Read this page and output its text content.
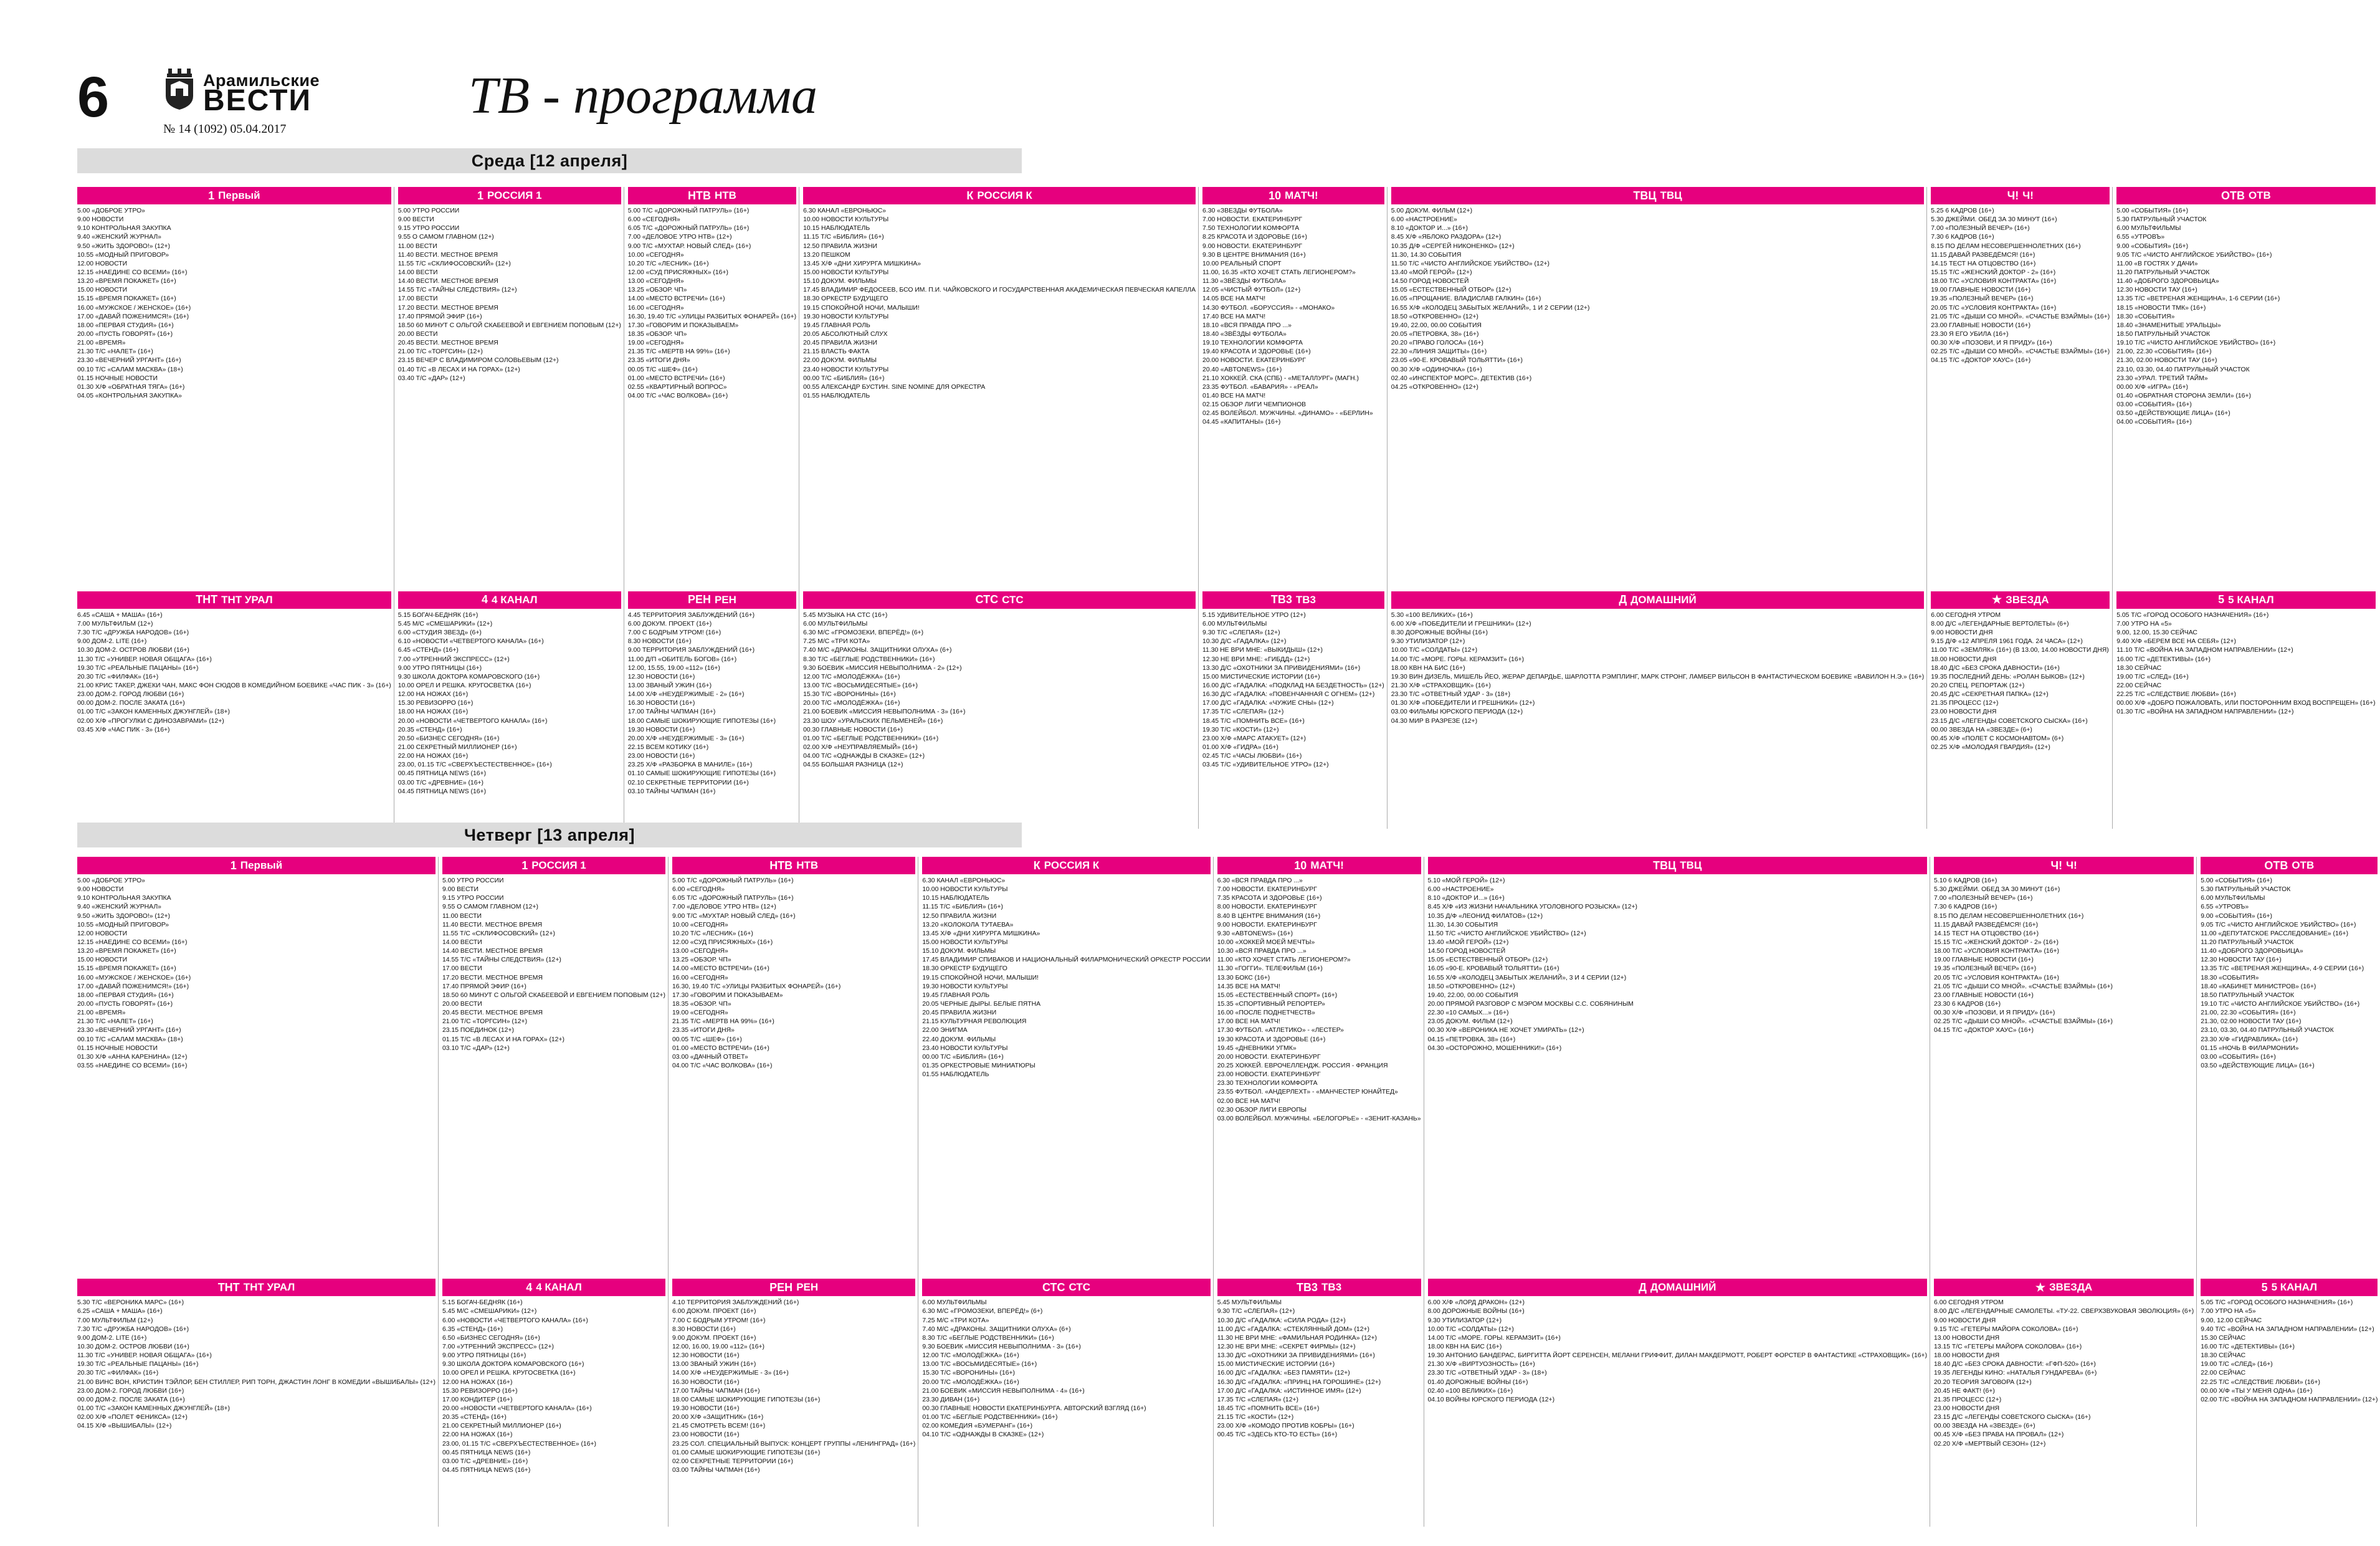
6	Арамильские
ВЕСТИ
№ 14 (1092) 05.04.2017
ТВ - программа
Среда [12 апреля]
1 Первый
5.00 «ДОБРОЕ УТРО»
9.00 НОВОСТИ
9.10 КОНТРОЛЬНАЯ ЗАКУПКА
9.40 «ЖЕНСКИЙ ЖУРНАЛ»
9.50 «ЖИТЬ ЗДОРОВО!» (12+)
10.55 «МОДНЫЙ ПРИГОВОР»
12.00 НОВОСТИ
12.15 «НАЕДИНЕ СО ВСЕМИ» (16+)
13.20 «ВРЕМЯ ПОКАЖЕТ» (16+)
15.00 НОВОСТИ
15.15 «ВРЕМЯ ПОКАЖЕТ» (16+)
16.00 «МУЖСКОЕ / ЖЕНСКОЕ» (16+)
17.00 «ДАВАЙ ПОЖЕНИМСЯ!» (16+)
18.00 «ПЕРВАЯ СТУДИЯ» (16+)
20.00 «ПУСТЬ ГОВОРЯТ» (16+)
21.00 «ВРЕМЯ»
21.30 Т/С «НАЛЕТ» (16+)
23.30 «ВЕЧЕРНИЙ УРГАНТ» (16+)
00.10 Т/С «САЛАМ МАСКВА» (18+)
01.15 НОЧНЫЕ НОВОСТИ
01.30 Х/Ф «ОБРАТНАЯ ТЯГА» (16+)
04.05 «КОНТРОЛЬНАЯ ЗАКУПКА»
ТНТ ТНТ УРАЛ
6.45 «САША + МАША» (16+)
7.00 МУЛЬТФИЛЬМ (12+)
7.30 Т/С «ДРУЖБА НАРОДОВ» (16+)
9.00 ДОМ-2. LITE (16+)
10.30 ДОМ-2. ОСТРОВ ЛЮБВИ (16+)
11.30 Т/С «УНИВЕР. НОВАЯ ОБЩАГА» (16+)
19.30 Т/С «РЕАЛЬНЫЕ ПАЦАНЫ» (16+)
20.30 Т/С «ФИЛФАК» (16+)
21.00 КРИС ТАКЕР, ДЖЕКИ ЧАН, МАКС ФОН СЮДОВ В КОМЕДИЙНОМ БОЕВИКЕ «ЧАС ПИК - 3» (16+)
23.00 ДОМ-2. ГОРОД ЛЮБВИ (16+)
00.00 ДОМ-2. ПОСЛЕ ЗАКАТА (16+)
01.00 Т/С «ЗАКОН КАМЕННЫХ ДЖУНГЛЕЙ» (18+)
02.00 Х/Ф «ПРОГУЛКИ С ДИНОЗАВРАМИ» (12+)
03.45 Х/Ф «ЧАС ПИК - 3» (16+)
1 РОССИЯ 1
5.00 УТРО РОССИИ
9.00 ВЕСТИ
9.15 УТРО РОССИИ
9.55 О САМОМ ГЛАВНОМ (12+)
11.00 ВЕСТИ
11.40 ВЕСТИ. МЕСТНОЕ ВРЕМЯ
11.55 Т/С «СКЛИФОСОВСКИЙ» (12+)
14.00 ВЕСТИ
14.40 ВЕСТИ. МЕСТНОЕ ВРЕМЯ
14.55 Т/С «ТАЙНЫ СЛЕДСТВИЯ» (12+)
17.00 ВЕСТИ
17.20 ВЕСТИ. МЕСТНОЕ ВРЕМЯ
17.40 ПРЯМОЙ ЭФИР (16+)
18.50 60 МИНУТ С ОЛЬГОЙ СКАБЕЕВОЙ И ЕВГЕНИЕМ ПОПОВЫМ (12+)
20.00 ВЕСТИ
20.45 ВЕСТИ. МЕСТНОЕ ВРЕМЯ
21.00 Т/С «ТОРГСИН» (12+)
23.15 ВЕЧЕР С ВЛАДИМИРОМ СОЛОВЬЕВЫМ (12+)
01.40 Т/С «В ЛЕСАХ И НА ГОРАХ» (12+)
03.40 Т/С «ДАР» (12+)
4 4 КАНАЛ
5.15 БОГАЧ-БЕДНЯК (16+)
5.45 М/С «СМЕШАРИКИ» (12+)
6.00 «СТУДИЯ ЗВЕЗД» (6+)
6.10 «НОВОСТИ «ЧЕТВЕРТОГО КАНАЛА» (16+)
6.45 «СТЕНД» (16+)
7.00 «УТРЕННИЙ ЭКСПРЕСС» (12+)
9.00 УТРО ПЯТНИЦЫ (16+)
9.30 ШКОЛА ДОКТОРА КОМАРОВСКОГО (16+)
10.00 ОРЕЛ И РЕШКА. КРУГОСВЕТКА (16+)
12.00 НА НОЖАХ (16+)
15.30 РЕВИЗОРРО (16+)
18.00 НА НОЖАХ (16+)
20.00 «НОВОСТИ «ЧЕТВЕРТОГО КАНАЛА» (16+)
20.35 «СТЕНД» (16+)
20.50 «БИЗНЕС СЕГОДНЯ» (16+)
21.00 СЕКРЕТНЫЙ МИЛЛИОНЕР (16+)
22.00 НА НОЖАХ (16+)
23.00, 01.15 Т/С «СВЕРХЪЕСТЕСТВЕННОЕ» (16+)
00.45 ПЯТНИЦА NEWS (16+)
03.00 Т/С «ДРЕВНИЕ» (16+)
04.45 ПЯТНИЦА NEWS (16+)
НТВ НТВ
5.00 Т/С «ДОРОЖНЫЙ ПАТРУЛЬ» (16+)
6.00 «СЕГОДНЯ»
6.05 Т/С «ДОРОЖНЫЙ ПАТРУЛЬ» (16+)
7.00 «ДЕЛОВОЕ УТРО НТВ» (12+)
9.00 Т/С «МУХТАР. НОВЫЙ СЛЕД» (16+)
10.00 «СЕГОДНЯ»
10.20 Т/С «ЛЕСНИК» (16+)
12.00 «СУД ПРИСЯЖНЫХ» (16+)
13.00 «СЕГОДНЯ»
13.25 «ОБЗОР. ЧП»
14.00 «МЕСТО ВСТРЕЧИ» (16+)
16.00 «СЕГОДНЯ»
16.30, 19.40 Т/С «УЛИЦЫ РАЗБИТЫХ ФОНАРЕЙ» (16+)
17.30 «ГОВОРИМ И ПОКАЗЫВАЕМ»
18.35 «ОБЗОР. ЧП»
19.00 «СЕГОДНЯ»
21.35 Т/С «МЕРТВ НА 99%» (16+)
23.35 «ИТОГИ ДНЯ»
00.05 Т/С «ШЕФ» (16+)
01.00 «МЕСТО ВСТРЕЧИ» (16+)
02.55 «КВАРТИРНЫЙ ВОПРОС»
04.00 Т/С «ЧАС ВОЛКОВА» (16+)
РЕН РЕН
4.45 ТЕРРИТОРИЯ ЗАБЛУЖДЕНИЙ (16+)
6.00 ДОКУМ. ПРОЕКТ (16+)
7.00 С БОДРЫМ УТРОМ! (16+)
8.30 НОВОСТИ (16+)
9.00 ТЕРРИТОРИЯ ЗАБЛУЖДЕНИЙ (16+)
11.00 Д/П «ОБИТЕЛЬ БОГОВ» (16+)
12.00, 15.55, 19.00 «112» (16+)
12.30 НОВОСТИ (16+)
13.00 ЗВАНЫЙ УЖИН (16+)
14.00 Х/Ф «НЕУДЕРЖИМЫЕ - 2» (16+)
16.30 НОВОСТИ (16+)
17.00 ТАЙНЫ ЧАПМАН (16+)
18.00 САМЫЕ ШОКИРУЮЩИЕ ГИПОТЕЗЫ (16+)
19.30 НОВОСТИ (16+)
20.00 Х/Ф «НЕУДЕРЖИМЫЕ - 3» (16+)
22.15 ВСЕМ КОТИКУ (16+)
23.00 НОВОСТИ (16+)
23.25 Х/Ф «РАЗБОРКА В МАНИЛЕ» (16+)
01.10 САМЫЕ ШОКИРУЮЩИЕ ГИПОТЕЗЫ (16+)
02.10 СЕКРЕТНЫЕ ТЕРРИТОРИИ (16+)
03.10 ТАЙНЫ ЧАПМАН (16+)
К РОССИЯ К
6.30 КАНАЛ «ЕВРОНЬЮС»
10.00 НОВОСТИ КУЛЬТУРЫ
10.15 НАБЛЮДАТЕЛЬ
11.15 Т/С «БИБЛИЯ» (16+)
12.50 ПРАВИЛА ЖИЗНИ
13.20 ПЕШКОМ
13.45 Х/Ф «ДНИ ХИРУРГА МИШКИНА»
15.00 НОВОСТИ КУЛЬТУРЫ
15.10 ДОКУМ. ФИЛЬМЫ
17.45 ВЛАДИМИР ФЕДОСЕЕВ, БСО ИМ. П.И. ЧАЙКОВСКОГО И ГОСУДАРСТВЕННАЯ АКАДЕМИЧЕСКАЯ ПЕВЧЕСКАЯ КАПЕЛЛА
18.30 ОРКЕСТР БУДУЩЕГО
19.15 СПОКОЙНОЙ НОЧИ, МАЛЫШИ!
19.30 НОВОСТИ КУЛЬТУРЫ
19.45 ГЛАВНАЯ РОЛЬ
20.05 АБСОЛЮТНЫЙ СЛУХ
20.45 ПРАВИЛА ЖИЗНИ
21.15 ВЛАСТЬ ФАКТА
22.00 ДОКУМ. ФИЛЬМЫ
23.40 НОВОСТИ КУЛЬТУРЫ
00.00 Т/С «БИБЛИЯ» (16+)
00.55 АЛЕКСАНДР БУСТИН. SINE NOMINE ДЛЯ ОРКЕСТРА
01.55 НАБЛЮДАТЕЛЬ
СТС СТС
5.45 МУЗЫКА НА СТС (16+)
6.00 МУЛЬТФИЛЬМЫ
6.30 М/С «ГРОМОЗЕКИ, ВПЕРЁД!» (6+)
7.25 М/С «ТРИ КОТА»
7.40 М/С «ДРАКОНЫ. ЗАЩИТНИКИ ОЛУХА» (6+)
8.30 Т/С «БЕГЛЫЕ РОДСТВЕННИКИ» (16+)
9.30 БОЕВИК «МИССИЯ НЕВЫПОЛНИМА - 2» (12+)
12.00 Т/С «МОЛОДЁЖКА» (16+)
13.00 Т/С «ВОСЬМИДЕСЯТЫЕ» (16+)
15.30 Т/С «ВОРОНИНЫ» (16+)
20.00 Т/С «МОЛОДЁЖКА» (16+)
21.00 БОЕВИК «МИССИЯ НЕВЫПОЛНИМА - 3» (16+)
23.30 ШОУ «УРАЛЬСКИХ ПЕЛЬМЕНЕЙ» (16+)
00.30 ГЛАВНЫЕ НОВОСТИ (16+)
01.00 Т/С «БЕГЛЫЕ РОДСТВЕННИКИ» (16+)
02.00 Х/Ф «НЕУПРАВЛЯЕМЫЙ» (16+)
04.00 Т/С «ОДНАЖДЫ В СКАЗКЕ» (12+)
04.55 БОЛЬШАЯ РАЗНИЦА (12+)
10 МАТЧ!
6.30 «ЗВЕЗДЫ ФУТБОЛА»
7.00 НОВОСТИ. ЕКАТЕРИНБУРГ
7.50 ТЕХНОЛОГИИ КОМФОРТА
8.25 КРАСОТА И ЗДОРОВЬЕ (16+)
9.00 НОВОСТИ. ЕКАТЕРИНБУРГ
9.30 В ЦЕНТРЕ ВНИМАНИЯ (16+)
10.00 РЕАЛЬНЫЙ СПОРТ
11.00, 16.35 «КТО ХОЧЕТ СТАТЬ ЛЕГИОНЕРОМ?»
11.30 «ЗВЁЗДЫ ФУТБОЛА»
12.05 «ЧИСТЫЙ ФУТБОЛ» (12+)
14.05 ВСЕ НА МАТЧ!
14.30 ФУТБОЛ. «БОРУССИЯ» - «МОНАКО»
17.40 ВСЕ НА МАТЧ!
18.10 «ВСЯ ПРАВДА ПРО ...»
18.40 «ЗВЁЗДЫ ФУТБОЛА»
19.10 ТЕХНОЛОГИИ КОМФОРТА
19.40 КРАСОТА И ЗДОРОВЬЕ (16+)
20.00 НОВОСТИ. ЕКАТЕРИНБУРГ
20.40 «ABTONEWS» (16+)
21.10 ХОККЕЙ. СКА (СПБ) - «МЕТАЛЛУРГ» (МАГН.)
23.35 ФУТБОЛ. «БАВАРИЯ» - «РЕАЛ»
01.40 ВСЕ НА МАТЧ!
02.15 ОБЗОР ЛИГИ ЧЕМПИОНОВ
02.45 ВОЛЕЙБОЛ. МУЖЧИНЫ. «ДИНАМО» - «БЕРЛИН»
04.45 «КАПИТАНЫ» (16+)
ТВ3 ТВ3
5.15 УДИВИТЕЛЬНОЕ УТРО (12+)
6.00 МУЛЬТФИЛЬМЫ
9.30 Т/С «СЛЕПАЯ» (12+)
10.30 Д/С «ГАДАЛКА» (12+)
11.30 НЕ ВРИ МНЕ: «ВЫКИДЫШ» (12+)
12.30 НЕ ВРИ МНЕ: «ГИБДД» (12+)
13.30 Д/С «ОХОТНИКИ ЗА ПРИВИДЕНИЯМИ» (16+)
15.00 МИСТИЧЕСКИЕ ИСТОРИИ (16+)
16.00 Д/С «ГАДАЛКА: «ПОДКЛАД НА БЕЗДЕТНОСТЬ» (12+)
16.30 Д/С «ГАДАЛКА: «ПОВЕНЧАННАЯ С ОГНЕМ» (12+)
17.00 Д/С «ГАДАЛКА: «ЧУЖИЕ СНЫ» (12+)
17.35 Т/С «СЛЕПАЯ» (12+)
18.45 Т/С «ПОМНИТЬ ВСЕ» (16+)
19.30 Т/С «КОСТИ» (12+)
23.00 Х/Ф «МАРС АТАКУЕТ» (12+)
01.00 Х/Ф «ГИДРА» (16+)
02.45 Т/С «ЧАСЫ ЛЮБВИ» (16+)
03.45 Т/С «УДИВИТЕЛЬНОЕ УТРО» (12+)
ТВЦ ТВЦ
5.00 ДОКУМ. ФИЛЬМ (12+)
6.00 «НАСТРОЕНИЕ»
8.10 «ДОКТОР И...» (16+)
8.45 Х/Ф «ЯБЛОКО РАЗДОРА» (12+)
10.35 Д/Ф «СЕРГЕЙ НИКОНЕНКО» (12+)
11.30, 14.30 СОБЫТИЯ
11.50 Т/С «ЧИСТО АНГЛИЙСКОЕ УБИЙСТВО» (12+)
13.40 «МОЙ ГЕРОЙ» (12+)
14.50 ГОРОД НОВОСТЕЙ
15.05 «ЕСТЕСТВЕННЫЙ ОТБОР» (12+)
16.05 «ПРОЩАНИЕ. ВЛАДИСЛАВ ГАЛКИН» (16+)
16.55 Х/Ф «КОЛОДЕЦ ЗАБЫТЫХ ЖЕЛАНИЙ», 1 И 2 СЕРИИ (12+)
18.50 «ОТКРОВЕННО» (12+)
19.40, 22.00, 00.00 СОБЫТИЯ
20.05 «ПЕТРОВКА, 38» (16+)
20.20 «ПРАВО ГОЛОСА» (16+)
22.30 «ЛИНИЯ ЗАЩИТЫ» (16+)
23.05 «90-Е. КРОВАВЫЙ ТОЛЬЯТТИ» (16+)
00.30 Х/Ф «ОДИНОЧКА» (16+)
02.40 «ИНСПЕКТОР МОРС». ДЕТЕКТИВ (16+)
04.25 «ОТКРОВЕННО» (12+)
Д ДОМАШНИЙ
5.30 «100 ВЕЛИКИХ» (16+)
6.00 Х/Ф «ПОБЕДИТЕЛИ И ГРЕШНИКИ» (12+)
8.30 ДОРОЖНЫЕ ВОЙНЫ (16+)
9.30 УТИЛИЗАТОР (12+)
10.00 Т/С «СОЛДАТЫ» (12+)
14.00 Т/С «МОРЕ. ГОРЫ. КЕРАМЗИТ» (16+)
18.00 КВН НА БИС (16+)
19.30 ВИН ДИЗЕЛЬ, МИШЕЛЬ ЙЕО, ЖЕРАР ДЕПАРДЬЕ, ШАРЛОТТА РЭМПЛИНГ, МАРК СТРОНГ, ЛАМБЕР ВИЛЬСОН В ФАНТАСТИЧЕСКОМ БОЕВИКЕ «ВАВИЛОН Н.Э.» (16+)
21.30 Х/Ф «СТРАХОВЩИК» (16+)
23.30 Т/С «ОТВЕТНЫЙ УДАР - 3» (18+)
01.30 Х/Ф «ПОБЕДИТЕЛИ И ГРЕШНИКИ» (12+)
03.00 ФИЛЬМЫ ЮРСКОГО ПЕРИОДА (12+)
04.30 МИР В РАЗРЕЗЕ (12+)
Ч! Ч!
5.25 6 КАДРОВ (16+)
5.30 ДЖЕЙМИ. ОБЕД ЗА 30 МИНУТ (16+)
7.00 «ПОЛЕЗНЫЙ ВЕЧЕР» (16+)
7.30 6 КАДРОВ (16+)
8.15 ПО ДЕЛАМ НЕСОВЕРШЕННОЛЕТНИХ (16+)
11.15 ДАВАЙ РАЗВЕДЁМСЯ! (16+)
14.15 ТЕСТ НА ОТЦОВСТВО (16+)
15.15 Т/С «ЖЕНСКИЙ ДОКТОР - 2» (16+)
18.00 Т/С «УСЛОВИЯ КОНТРАКТА» (16+)
19.00 ГЛАВНЫЕ НОВОСТИ (16+)
19.35 «ПОЛЕЗНЫЙ ВЕЧЕР» (16+)
20.05 Т/С «УСЛОВИЯ КОНТРАКТА» (16+)
21.05 Т/С «ДЫШИ СО МНОЙ». «СЧАСТЬЕ ВЗАЙМЫ» (16+)
23.00 ГЛАВНЫЕ НОВОСТИ (16+)
23.30 Я ЕГО УБИЛА (16+)
00.30 Х/Ф «ПОЗОВИ, И Я ПРИДУ» (16+)
02.25 Т/С «ДЫШИ СО МНОЙ». «СЧАСТЬЕ ВЗАЙМЫ» (16+)
04.15 Т/С «ДОКТОР ХАУС» (16+)
★ ЗВЕЗДА
6.00 СЕГОДНЯ УТРОМ
8.00 Д/С «ЛЕГЕНДАРНЫЕ ВЕРТОЛЕТЫ» (6+)
9.00 НОВОСТИ ДНЯ
9.15 Д/Ф «12 АПРЕЛЯ 1961 ГОДА. 24 ЧАСА» (12+)
11.00 Т/С «ЗЕМЛЯК» (16+) (В 13.00, 14.00 НОВОСТИ ДНЯ)
18.00 НОВОСТИ ДНЯ
18.40 Д/С «БЕЗ СРОКА ДАВНОСТИ» (16+)
19.35 ПОСЛЕДНИЙ ДЕНЬ: «РОЛАН БЫКОВ» (12+)
20.20 СПЕЦ. РЕПОРТАЖ (12+)
20.45 Д/С «СЕКРЕТНАЯ ПАПКА» (12+)
21.35 ПРОЦЕСС (12+)
23.00 НОВОСТИ ДНЯ
23.15 Д/С «ЛЕГЕНДЫ СОВЕТСКОГО СЫСКА» (16+)
00.00 ЗВЕЗДА НА «ЗВЕЗДЕ» (6+)
00.45 Х/Ф «ПОЛЕТ С КОСМОНАВТОМ» (6+)
02.25 Х/Ф «МОЛОДАЯ ГВАРДИЯ» (12+)
ОТВ ОТВ
5.00 «СОБЫТИЯ» (16+)
5.30 ПАТРУЛЬНЫЙ УЧАСТОК
6.00 МУЛЬТФИЛЬМЫ
6.55 «УТРОВЪ»
9.00 «СОБЫТИЯ» (16+)
9.05 Т/С «ЧИСТО АНГЛИЙСКОЕ УБИЙСТВО» (16+)
11.00 «В ГОСТЯХ У ДАЧИ»
11.20 ПАТРУЛЬНЫЙ УЧАСТОК
11.40 «ДОБРОГО ЗДОРОВЬИЦА»
12.30 НОВОСТИ ТАУ (16+)
13.35 Т/С «ВЕТРЕНАЯ ЖЕНЩИНА», 1-6 СЕРИИ (16+)
18.15 «НОВОСТИ ТМК» (16+)
18.30 «СОБЫТИЯ»
18.40 «ЗНАМЕНИТЫЕ УРАЛЬЦЫ»
18.50 ПАТРУЛЬНЫЙ УЧАСТОК
19.10 Т/С «ЧИСТО АНГЛИЙСКОЕ УБИЙСТВО» (16+)
21.00, 22.30 «СОБЫТИЯ» (16+)
21.30, 02.00 НОВОСТИ ТАУ (16+)
23.10, 03.30, 04.40 ПАТРУЛЬНЫЙ УЧАСТОК
23.30 «УРАЛ. ТРЕТИЙ ТАЙМ»
00.00 Х/Ф «ИГРА» (16+)
01.40 «ОБРАТНАЯ СТОРОНА ЗЕМЛИ» (16+)
03.00 «СОБЫТИЯ» (16+)
03.50 «ДЕЙСТВУЮЩИЕ ЛИЦА» (16+)
04.00 «СОБЫТИЯ» (16+)
5 5 КАНАЛ
5.05 Т/С «ГОРОД ОСОБОГО НАЗНАЧЕНИЯ» (16+)
7.00 УТРО НА «5»
9.00, 12.00, 15.30 СЕЙЧАС
9.40 Х/Ф «БЕРЕМ ВСЕ НА СЕБЯ» (12+)
11.10 Т/С «ВОЙНА НА ЗАПАДНОМ НАПРАВЛЕНИИ» (12+)
16.00 Т/С «ДЕТЕКТИВЫ» (16+)
18.30 СЕЙЧАС
19.00 Т/С «СЛЕД» (16+)
22.00 СЕЙЧАС
22.25 Т/С «СЛЕДСТВИЕ ЛЮБВИ» (16+)
00.00 Х/Ф «ДОБРО ПОЖАЛОВАТЬ, ИЛИ ПОСТОРОННИМ ВХОД ВОСПРЕЩЕН» (16+)
01.30 Т/С «ВОЙНА НА ЗАПАДНОМ НАПРАВЛЕНИИ» (12+)
Четверг [13 апреля]
1 Первый
5.00 «ДОБРОЕ УТРО»
9.00 НОВОСТИ
9.10 КОНТРОЛЬНАЯ ЗАКУПКА
9.40 «ЖЕНСКИЙ ЖУРНАЛ»
9.50 «ЖИТЬ ЗДОРОВО!» (12+)
10.55 «МОДНЫЙ ПРИГОВОР»
12.00 НОВОСТИ
12.15 «НАЕДИНЕ СО ВСЕМИ» (16+)
13.20 «ВРЕМЯ ПОКАЖЕТ» (16+)
15.00 НОВОСТИ
15.15 «ВРЕМЯ ПОКАЖЕТ» (16+)
16.00 «МУЖСКОЕ / ЖЕНСКОЕ» (16+)
17.00 «ДАВАЙ ПОЖЕНИМСЯ!» (16+)
18.00 «ПЕРВАЯ СТУДИЯ» (16+)
20.00 «ПУСТЬ ГОВОРЯТ» (16+)
21.00 «ВРЕМЯ»
21.30 Т/С «НАЛЕТ» (16+)
23.30 «ВЕЧЕРНИЙ УРГАНТ» (16+)
00.10 Т/С «САЛАМ МАСКВА» (18+)
01.15 НОЧНЫЕ НОВОСТИ
01.30 Х/Ф «АННА КАРЕНИНА» (12+)
03.55 «НАЕДИНЕ СО ВСЕМИ» (16+)
ТНТ ТНТ УРАЛ
5.30 Т/С «ВЕРОНИКА МАРС» (16+)
6.25 «САША + МАША» (16+)
7.00 МУЛЬТФИЛЬМ (12+)
7.30 Т/С «ДРУЖБА НАРОДОВ» (16+)
9.00 ДОМ-2. LITE (16+)
10.30 ДОМ-2. ОСТРОВ ЛЮБВИ (16+)
11.30 Т/С «УНИВЕР. НОВАЯ ОБЩАГА» (16+)
19.30 Т/С «РЕАЛЬНЫЕ ПАЦАНЫ» (16+)
20.30 Т/С «ФИЛФАК» (16+)
21.00 ВИНС ВОН, КРИСТИН ТЭЙЛОР, БЕН СТИЛЛЕР, РИП ТОРН, ДЖАСТИН ЛОНГ В КОМЕДИИ «ВЫШИБАЛЫ» (12+)
23.00 ДОМ-2. ГОРОД ЛЮБВИ (16+)
00.00 ДОМ-2. ПОСЛЕ ЗАКАТА (16+)
01.00 Т/С «ЗАКОН КАМЕННЫХ ДЖУНГЛЕЙ» (18+)
02.00 Х/Ф «ПОЛЕТ ФЕНИКСА» (12+)
04.15 Х/Ф «ВЫШИБАЛЫ» (12+)
1 РОССИЯ 1
5.00 УТРО РОССИИ
9.00 ВЕСТИ
9.15 УТРО РОССИИ
9.55 О САМОМ ГЛАВНОМ (12+)
11.00 ВЕСТИ
11.40 ВЕСТИ. МЕСТНОЕ ВРЕМЯ
11.55 Т/С «СКЛИФОСОВСКИЙ» (12+)
14.00 ВЕСТИ
14.40 ВЕСТИ. МЕСТНОЕ ВРЕМЯ
14.55 Т/С «ТАЙНЫ СЛЕДСТВИЯ» (12+)
17.00 ВЕСТИ
17.20 ВЕСТИ. МЕСТНОЕ ВРЕМЯ
17.40 ПРЯМОЙ ЭФИР (16+)
18.50 60 МИНУТ С ОЛЬГОЙ СКАБЕЕВОЙ И ЕВГЕНИЕМ ПОПОВЫМ (12+)
20.00 ВЕСТИ
20.45 ВЕСТИ. МЕСТНОЕ ВРЕМЯ
21.00 Т/С «ТОРГСИН» (12+)
23.15 ПОЕДИНОК (12+)
01.15 Т/С «В ЛЕСАХ И НА ГОРАХ» (12+)
03.10 Т/С «ДАР» (12+)
4 4 КАНАЛ
5.15 БОГАЧ-БЕДНЯК (16+)
5.45 М/С «СМЕШАРИКИ» (12+)
6.00 «НОВОСТИ «ЧЕТВЕРТОГО КАНАЛА» (16+)
6.35 «СТЕНД» (16+)
6.50 «БИЗНЕС СЕГОДНЯ» (16+)
7.00 «УТРЕННИЙ ЭКСПРЕСС» (12+)
9.00 УТРО ПЯТНИЦЫ (16+)
9.30 ШКОЛА ДОКТОРА КОМАРОВСКОГО (16+)
10.00 ОРЕЛ И РЕШКА. КРУГОСВЕТКА (16+)
12.00 НА НОЖАХ (16+)
15.30 РЕВИЗОРРО (16+)
17.00 КОНДИТЕР (16+)
20.00 «НОВОСТИ «ЧЕТВЕРТОГО КАНАЛА» (16+)
20.35 «СТЕНД» (16+)
21.00 СЕКРЕТНЫЙ МИЛЛИОНЕР (16+)
22.00 НА НОЖАХ (16+)
23.00, 01.15 Т/С «СВЕРХЪЕСТЕСТВЕННОЕ» (16+)
00.45 ПЯТНИЦА NEWS (16+)
03.00 Т/С «ДРЕВНИЕ» (16+)
04.45 ПЯТНИЦА NEWS (16+)
НТВ НТВ
5.00 Т/С «ДОРОЖНЫЙ ПАТРУЛЬ» (16+)
6.00 «СЕГОДНЯ»
6.05 Т/С «ДОРОЖНЫЙ ПАТРУЛЬ» (16+)
7.00 «ДЕЛОВОЕ УТРО НТВ» (12+)
9.00 Т/С «МУХТАР. НОВЫЙ СЛЕД» (16+)
10.00 «СЕГОДНЯ»
10.20 Т/С «ЛЕСНИК» (16+)
12.00 «СУД ПРИСЯЖНЫХ» (16+)
13.00 «СЕГОДНЯ»
13.25 «ОБЗОР. ЧП»
14.00 «МЕСТО ВСТРЕЧИ» (16+)
16.00 «СЕГОДНЯ»
16.30, 19.40 Т/С «УЛИЦЫ РАЗБИТЫХ ФОНАРЕЙ» (16+)
17.30 «ГОВОРИМ И ПОКАЗЫВАЕМ»
18.35 «ОБЗОР. ЧП»
19.00 «СЕГОДНЯ»
21.35 Т/С «МЕРТВ НА 99%» (16+)
23.35 «ИТОГИ ДНЯ»
00.05 Т/С «ШЕФ» (16+)
01.00 «МЕСТО ВСТРЕЧИ» (16+)
03.00 «ДАЧНЫЙ ОТВЕТ»
04.00 Т/С «ЧАС ВОЛКОВА» (16+)
РЕН РЕН
4.10 ТЕРРИТОРИЯ ЗАБЛУЖДЕНИЙ (16+)
6.00 ДОКУМ. ПРОЕКТ (16+)
7.00 С БОДРЫМ УТРОМ! (16+)
8.30 НОВОСТИ (16+)
9.00 ДОКУМ. ПРОЕКТ (16+)
12.00, 16.00, 19.00 «112» (16+)
12.30 НОВОСТИ (16+)
13.00 ЗВАНЫЙ УЖИН (16+)
14.00 Х/Ф «НЕУДЕРЖИМЫЕ - 3» (16+)
16.30 НОВОСТИ (16+)
17.00 ТАЙНЫ ЧАПМАН (16+)
18.00 САМЫЕ ШОКИРУЮЩИЕ ГИПОТЕЗЫ (16+)
19.30 НОВОСТИ (16+)
20.00 Х/Ф «ЗАЩИТНИК» (16+)
21.45 СМОТРЕТЬ ВСЕМ! (16+)
23.00 НОВОСТИ (16+)
23.25 СОЛ. СПЕЦИАЛЬНЫЙ ВЫПУСК: КОНЦЕРТ ГРУППЫ «ЛЕНИНГРАД» (16+)
01.00 САМЫЕ ШОКИРУЮЩИЕ ГИПОТЕЗЫ (16+)
02.00 СЕКРЕТНЫЕ ТЕРРИТОРИИ (16+)
03.00 ТАЙНЫ ЧАПМАН (16+)
К РОССИЯ К
6.30 КАНАЛ «ЕВРОНЬЮС»
10.00 НОВОСТИ КУЛЬТУРЫ
10.15 НАБЛЮДАТЕЛЬ
11.15 Т/С «БИБЛИЯ» (16+)
12.50 ПРАВИЛА ЖИЗНИ
13.20 «КОЛОКОЛА ТУТАЕВА»
13.45 Х/Ф «ДНИ ХИРУРГА МИШКИНА»
15.00 НОВОСТИ КУЛЬТУРЫ
15.10 ДОКУМ. ФИЛЬМЫ
17.45 ВЛАДИМИР СПИВАКОВ И НАЦИОНАЛЬНЫЙ ФИЛАРМОНИЧЕСКИЙ ОРКЕСТР РОССИИ
18.30 ОРКЕСТР БУДУЩЕГО
19.15 СПОКОЙНОЙ НОЧИ, МАЛЫШИ!
19.30 НОВОСТИ КУЛЬТУРЫ
19.45 ГЛАВНАЯ РОЛЬ
20.05 ЧЕРНЫЕ ДЫРЫ. БЕЛЫЕ ПЯТНА
20.45 ПРАВИЛА ЖИЗНИ
21.15 КУЛЬТУРНАЯ РЕВОЛЮЦИЯ
22.00 ЭНИГМА
22.40 ДОКУМ. ФИЛЬМЫ
23.40 НОВОСТИ КУЛЬТУРЫ
00.00 Т/С «БИБЛИЯ» (16+)
01.35 ОРКЕСТРОВЫЕ МИНИАТЮРЫ
01.55 НАБЛЮДАТЕЛЬ
СТС СТС
6.00 МУЛЬТФИЛЬМЫ
6.30 М/С «ГРОМОЗЕКИ, ВПЕРЁД!» (6+)
7.25 М/С «ТРИ КОТА»
7.40 М/С «ДРАКОНЫ. ЗАЩИТНИКИ ОЛУХА» (6+)
8.30 Т/С «БЕГЛЫЕ РОДСТВЕННИКИ» (16+)
9.30 БОЕВИК «МИССИЯ НЕВЫПОЛНИМА - 3» (16+)
12.00 Т/С «МОЛОДЁЖКА» (16+)
13.00 Т/С «ВОСЬМИДЕСЯТЫЕ» (16+)
15.30 Т/С «ВОРОНИНЫ» (16+)
20.00 Т/С «МОЛОДЁЖКА» (16+)
21.00 БОЕВИК «МИССИЯ НЕВЫПОЛНИМА - 4» (16+)
23.30 ДИВАН (16+)
00.30 ГЛАВНЫЕ НОВОСТИ ЕКАТЕРИНБУРГА. АВТОРСКИЙ ВЗГЛЯД (16+)
01.00 Т/С «БЕГЛЫЕ РОДСТВЕННИКИ» (16+)
02.00 КОМЕДИЯ «БУМЕРАНГ» (16+)
04.10 Т/С «ОДНАЖДЫ В СКАЗКЕ» (12+)
10 МАТЧ!
6.30 «ВСЯ ПРАВДА ПРО ...»
7.00 НОВОСТИ. ЕКАТЕРИНБУРГ
7.35 КРАСОТА И ЗДОРОВЬЕ (16+)
8.00 НОВОСТИ. ЕКАТЕРИНБУРГ
8.40 В ЦЕНТРЕ ВНИМАНИЯ (16+)
9.00 НОВОСТИ. ЕКАТЕРИНБУРГ
9.30 «ABTONEWS» (16+)
10.00 «ХОККЕЙ МОЕЙ МЕЧТЫ»
10.30 «ВСЯ ПРАВДА ПРО ...»
11.00 «КТО ХОЧЕТ СТАТЬ ЛЕГИОНЕРОМ?»
11.30 «ГОГГИ». ТЕЛЕФИЛЬМ (16+)
13.30 БОКС (16+)
14.35 ВСЕ НА МАТЧ!
15.05 «ЕСТЕСТВЕННЫЙ СПОРТ» (16+)
15.35 «СПОРТИВНЫЙ РЕПОРТЕР»
16.00 «ПОСЛЕ ПОДНЕТЧЕСТВ»
17.00 ВСЕ НА МАТЧ!
17.30 ФУТБОЛ. «АТЛЕТИКО» - «ЛЕСТЕР»
19.30 КРАСОТА И ЗДОРОВЬЕ (16+)
19.45 «ДНЕВНИКИ УГМК»
20.00 НОВОСТИ. ЕКАТЕРИНБУРГ
20.25 ХОККЕЙ. ЕВРОЧЕЛЛЕНДЖ. РОССИЯ - ФРАНЦИЯ
23.00 НОВОСТИ. ЕКАТЕРИНБУРГ
23.30 ТЕХНОЛОГИИ КОМФОРТА
23.55 ФУТБОЛ. «АНДЕРЛЕХТ» - «МАНЧЕСТЕР ЮНАЙТЕД»
02.00 ВСЕ НА МАТЧ!
02.30 ОБЗОР ЛИГИ ЕВРОПЫ
03.00 ВОЛЕЙБОЛ. МУЖЧИНЫ. «БЕЛОГОРЬЕ» - «ЗЕНИТ-КАЗАНЬ»
ТВ3 ТВ3
5.45 МУЛЬТФИЛЬМЫ
9.30 Т/С «СЛЕПАЯ» (12+)
10.30 Д/С «ГАДАЛКА: «СИЛА РОДА» (12+)
11.00 Д/С «ГАДАЛКА: «СТЕКЛЯННЫЙ ДОМ» (12+)
11.30 НЕ ВРИ МНЕ: «ФАМИЛЬНАЯ РОДИНКА» (12+)
12.30 НЕ ВРИ МНЕ: «СЕКРЕТ ФИРМЫ» (12+)
13.30 Д/С «ОХОТНИКИ ЗА ПРИВИДЕНИЯМИ» (16+)
15.00 МИСТИЧЕСКИЕ ИСТОРИИ (16+)
16.00 Д/С «ГАДАЛКА: «БЕЗ ПАМЯТИ» (12+)
16.30 Д/С «ГАДАЛКА: «ПРИНЦ НА ГОРОШИНЕ» (12+)
17.00 Д/С «ГАДАЛКА: «ИСТИННОЕ ИМЯ» (12+)
17.35 Т/С «СЛЕПАЯ» (12+)
18.45 Т/С «ПОМНИТЬ ВСЕ» (16+)
21.15 Т/С «КОСТИ» (12+)
23.00 Х/Ф «КОМОДО ПРОТИВ КОБРЫ» (16+)
00.45 Т/С «ЗДЕСЬ КТО-ТО ЕСТЬ» (16+)
ТВЦ ТВЦ
5.10 «МОЙ ГЕРОЙ» (12+)
6.00 «НАСТРОЕНИЕ»
8.10 «ДОКТОР И...» (16+)
8.45 Х/Ф «ИЗ ЖИЗНИ НАЧАЛЬНИКА УГОЛОВНОГО РОЗЫСКА» (12+)
10.35 Д/Ф «ЛЕОНИД ФИЛАТОВ» (12+)
11.30, 14.30 СОБЫТИЯ
11.50 Т/С «ЧИСТО АНГЛИЙСКОЕ УБИЙСТВО» (12+)
13.40 «МОЙ ГЕРОЙ» (12+)
14.50 ГОРОД НОВОСТЕЙ
15.05 «ЕСТЕСТВЕННЫЙ ОТБОР» (12+)
16.05 «90-Е. КРОВАВЫЙ ТОЛЬЯТТИ» (16+)
16.55 Х/Ф «КОЛОДЕЦ ЗАБЫТЫХ ЖЕЛАНИЙ», 3 И 4 СЕРИИ (12+)
18.50 «ОТКРОВЕННО» (12+)
19.40, 22.00, 00.00 СОБЫТИЯ
20.00 ПРЯМОЙ РАЗГОВОР С МЭРОМ МОСКВЫ С.С. СОБЯНИНЫМ
22.30 «10 САМЫХ...» (16+)
23.05 ДОКУМ. ФИЛЬМ (12+)
00.30 Х/Ф «ВЕРОНИКА НЕ ХОЧЕТ УМИРАТЬ» (12+)
04.15 «ПЕТРОВКА, 38» (16+)
04.30 «ОСТОРОЖНО, МОШЕННИКИ!» (16+)
Д ДОМАШНИЙ
6.00 Х/Ф «ЛОРД ДРАКОН» (12+)
8.00 ДОРОЖНЫЕ ВОЙНЫ (16+)
9.30 УТИЛИЗАТОР (12+)
10.00 Т/С «СОЛДАТЫ» (12+)
14.00 Т/С «МОРЕ. ГОРЫ. КЕРАМЗИТ» (16+)
18.00 КВН НА БИС (16+)
19.30 АНТОНИО БАНДЕРАС, БИРГИТТА ЙОРТ СЕРЕНСЕН, МЕЛАНИ ГРИФФИТ, ДИЛАН МАКДЕРМОТТ, РОБЕРТ ФОРСТЕР В ФАНТАСТИКЕ «СТРАХОВЩИК» (16+)
21.30 Х/Ф «ВИРТУОЗНОСТЬ» (16+)
23.30 Т/С «ОТВЕТНЫЙ УДАР - 3» (18+)
01.40 ДОРОЖНЫЕ ВОЙНЫ (16+)
02.40 «100 ВЕЛИКИХ» (16+)
04.10 ВОЙНЫ ЮРСКОГО ПЕРИОДА (12+)
Ч! Ч!
5.10 6 КАДРОВ (16+)
5.30 ДЖЕЙМИ. ОБЕД ЗА 30 МИНУТ (16+)
7.00 «ПОЛЕЗНЫЙ ВЕЧЕР» (16+)
7.30 6 КАДРОВ (16+)
8.15 ПО ДЕЛАМ НЕСОВЕРШЕННОЛЕТНИХ (16+)
11.15 ДАВАЙ РАЗВЕДЁМСЯ! (16+)
14.15 ТЕСТ НА ОТЦОВСТВО (16+)
15.15 Т/С «ЖЕНСКИЙ ДОКТОР - 2» (16+)
18.00 Т/С «УСЛОВИЯ КОНТРАКТА» (16+)
19.00 ГЛАВНЫЕ НОВОСТИ (16+)
19.35 «ПОЛЕЗНЫЙ ВЕЧЕР» (16+)
20.05 Т/С «УСЛОВИЯ КОНТРАКТА» (16+)
21.05 Т/С «ДЫШИ СО МНОЙ». «СЧАСТЬЕ ВЗАЙМЫ» (16+)
23.00 ГЛАВНЫЕ НОВОСТИ (16+)
23.30 6 КАДРОВ (16+)
00.30 Х/Ф «ПОЗОВИ, И Я ПРИДУ» (16+)
02.25 Т/С «ДЫШИ СО МНОЙ». «СЧАСТЬЕ ВЗАЙМЫ» (16+)
04.15 Т/С «ДОКТОР ХАУС» (16+)
★ ЗВЕЗДА
6.00 СЕГОДНЯ УТРОМ
8.00 Д/С «ЛЕГЕНДАРНЫЕ САМОЛЕТЫ. «ТУ-22. СВЕРХЗВУКОВАЯ ЭВОЛЮЦИЯ» (6+)
9.00 НОВОСТИ ДНЯ
9.15 Т/С «ГЕТЕРЫ МАЙОРА СОКОЛОВА» (16+)
13.00 НОВОСТИ ДНЯ
13.15 Т/С «ГЕТЕРЫ МАЙОРА СОКОЛОВА» (16+)
18.00 НОВОСТИ ДНЯ
18.40 Д/С «БЕЗ СРОКА ДАВНОСТИ: «ГФП-520» (16+)
19.35 ЛЕГЕНДЫ КИНО: «НАТАЛЬЯ ГУНДАРЕВА» (6+)
20.20 ТЕОРИЯ ЗАГОВОРА (12+)
20.45 НЕ ФАКТ! (6+)
21.35 ПРОЦЕСС (12+)
23.00 НОВОСТИ ДНЯ
23.15 Д/С «ЛЕГЕНДЫ СОВЕТСКОГО СЫСКА» (16+)
00.00 ЗВЕЗДА НА «ЗВЕЗДЕ» (6+)
00.45 Х/Ф «БЕЗ ПРАВА НА ПРОВАЛ» (12+)
02.20 Х/Ф «МЕРТВЫЙ СЕЗОН» (12+)
ОТВ ОТВ
5.00 «СОБЫТИЯ» (16+)
5.30 ПАТРУЛЬНЫЙ УЧАСТОК
6.00 МУЛЬТФИЛЬМЫ
6.55 «УТРОВЪ»
9.00 «СОБЫТИЯ» (16+)
9.05 Т/С «ЧИСТО АНГЛИЙСКОЕ УБИЙСТВО» (16+)
11.00 «ДЕПУТАТСКОЕ РАССЛЕДОВАНИЕ» (16+)
11.20 ПАТРУЛЬНЫЙ УЧАСТОК
11.40 «ДОБРОГО ЗДОРОВЬИЦА»
12.30 НОВОСТИ ТАУ (16+)
13.35 Т/С «ВЕТРЕНАЯ ЖЕНЩИНА», 4-9 СЕРИИ (16+)
18.30 «СОБЫТИЯ»
18.40 «КАБИНЕТ МИНИСТРОВ» (16+)
18.50 ПАТРУЛЬНЫЙ УЧАСТОК
19.10 Т/С «ЧИСТО АНГЛИЙСКОЕ УБИЙСТВО» (16+)
21.00, 22.30 «СОБЫТИЯ» (16+)
21.30, 02.00 НОВОСТИ ТАУ (16+)
23.10, 03.30, 04.40 ПАТРУЛЬНЫЙ УЧАСТОК
23.30 Х/Ф «ГИДРАВЛИКА» (16+)
01.15 «НОЧЬ В ФИЛАРМОНИИ»
03.00 «СОБЫТИЯ» (16+)
03.50 «ДЕЙСТВУЮЩИЕ ЛИЦА» (16+)
5 5 КАНАЛ
5.05 Т/С «ГОРОД ОСОБОГО НАЗНАЧЕНИЯ» (16+)
7.00 УТРО НА «5»
9.00, 12.00 СЕЙЧАС
9.40 Т/С «ВОЙНА НА ЗАПАДНОМ НАПРАВЛЕНИИ» (12+)
15.30 СЕЙЧАС
16.00 Т/С «ДЕТЕКТИВЫ» (16+)
18.30 СЕЙЧАС
19.00 Т/С «СЛЕД» (16+)
22.00 СЕЙЧАС
22.25 Т/С «СЛЕДСТВИЕ ЛЮБВИ» (16+)
00.00 Х/Ф «ТЫ У МЕНЯ ОДНА» (16+)
02.00 Т/С «ВОЙНА НА ЗАПАДНОМ НАПРАВЛЕНИИ» (12+)
